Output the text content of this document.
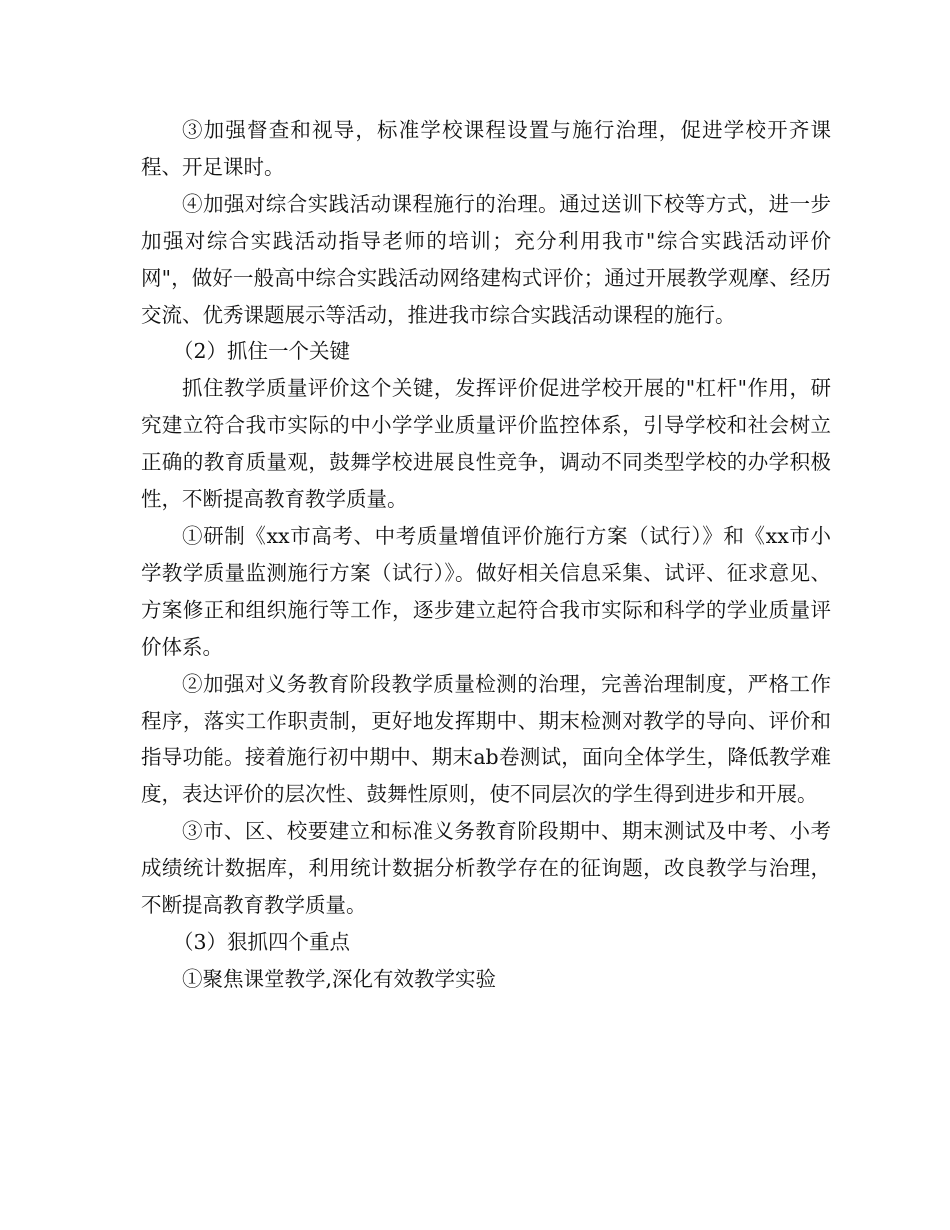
③加强督查和视导，标准学校课程设置与施行治理，促进学校开齐课程、开足课时。

④加强对综合实践活动课程施行的治理。通过送训下校等方式，进一步加强对综合实践活动指导老师的培训；充分利用我市"综合实践活动评价网"，做好一般高中综合实践活动网络建构式评价；通过开展教学观摩、经历交流、优秀课题展示等活动，推进我市综合实践活动课程的施行。

（2）抓住一个关键

抓住教学质量评价这个关键，发挥评价促进学校开展的"杠杆"作用，研究建立符合我市实际的中小学学业质量评价监控体系，引导学校和社会树立正确的教育质量观，鼓舞学校进展良性竞争，调动不同类型学校的办学积极性，不断提高教育教学质量。

①研制《xx市高考、中考质量增值评价施行方案（试行）》和《xx市小学教学质量监测施行方案（试行）》。做好相关信息采集、试评、征求意见、方案修正和组织施行等工作，逐步建立起符合我市实际和科学的学业质量评价体系。

②加强对义务教育阶段教学质量检测的治理，完善治理制度，严格工作程序，落实工作职责制，更好地发挥期中、期末检测对教学的导向、评价和指导功能。接着施行初中期中、期末ab卷测试，面向全体学生，降低教学难度，表达评价的层次性、鼓舞性原则，使不同层次的学生得到进步和开展。

③市、区、校要建立和标准义务教育阶段期中、期末测试及中考、小考成绩统计数据库，利用统计数据分析教学存在的征询题，改良教学与治理，不断提高教育教学质量。

（3）狠抓四个重点

①聚焦课堂教学,深化有效教学实验
